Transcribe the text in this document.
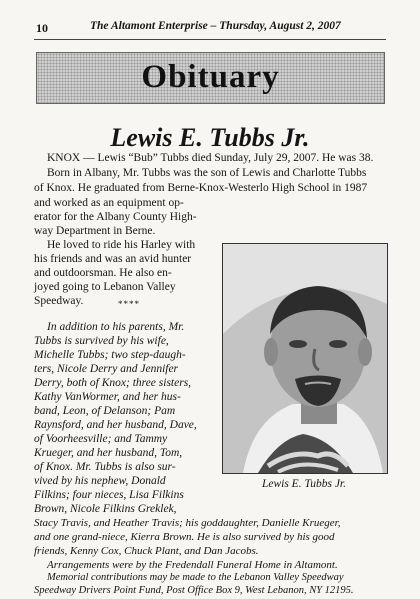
10	The Altamont Enterprise – Thursday, August 2, 2007
Obituary
Lewis E. Tubbs Jr.
KNOX — Lewis “Bub” Tubbs died Sunday, July 29, 2007. He was 38.
Born in Albany, Mr. Tubbs was the son of Lewis and Charlotte Tubbs
of Knox. He graduated from Berne-Knox-Westerlo High School in 1987
and worked as an equipment op-
erator for the Albany County High-
way Department in Berne.
He loved to ride his Harley with
his friends and was an avid hunter
and outdoorsman. He also en-
joyed going to Lebanon Valley
Speedway.	****
In addition to his parents, Mr.
Tubbs is survived by his wife,
Michelle Tubbs; two step-daugh-
ters, Nicole Derry and Jennifer
Derry, both of Knox; three sisters,
Kathy VanWormer, and her hus-
band, Leon, of Delanson; Pam
Raynsford, and her husband, Dave,
of Voorheesville; and Tammy
Krueger, and her husband, Tom,
of Knox. Mr. Tubbs is also sur-
vived by his nephew, Donald
Filkins; four nieces, Lisa Filkins
Brown, Nicole Filkins Greklek,
Stacy Travis, and Heather Travis; his goddaughter, Danielle Krueger,
and one grand-niece, Kierra Brown. He is also survived by his good
friends, Kenny Cox, Chuck Plant, and Dan Jacobs.
Arrangements were by the Fredendall Funeral Home in Altamont.
Memorial contributions may be made to the Lebanon Valley Speedway
Speedway Drivers Point Fund, Post Office Box 9, West Lebanon, NY 12195.
Lewis E. Tubbs Jr.
